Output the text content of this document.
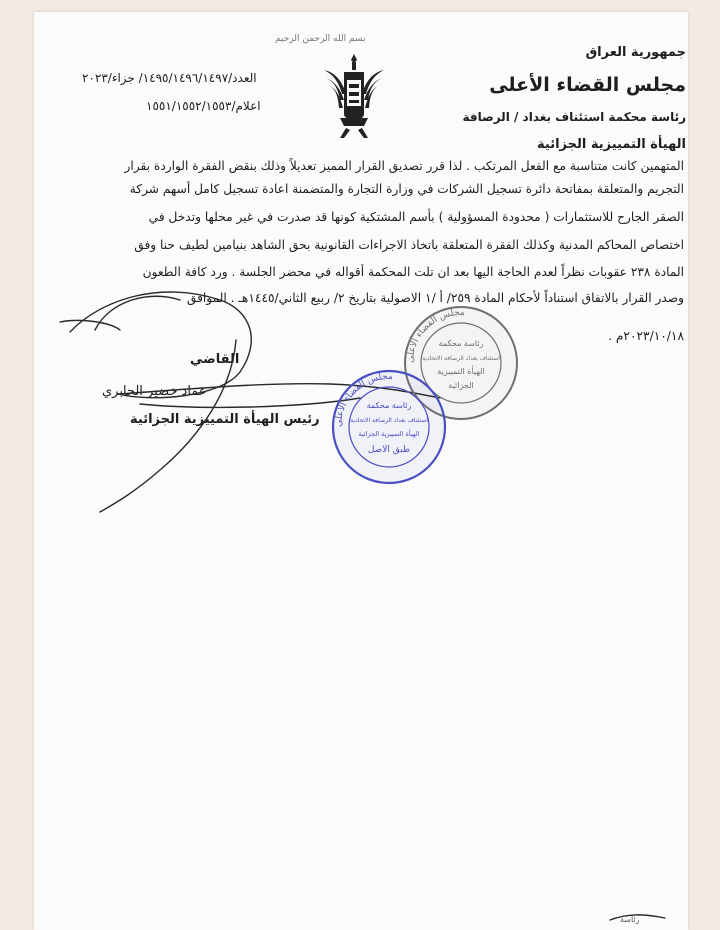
بسم الله الرحمن الرحيم
جمهورية العراق
مجلس القضاء الأعلى
رئاسة محكمة استئناف بغداد / الرصافة
الهيأة التمييزية الجزائية
العدد/١٤٩٥/١٤٩٦/١٤٩٧/ جزاء/٢٠٢٣
اعلام/١٥٥١/١٥٥٢/١٥٥٣
المتهمين كانت متناسبة مع الفعل المرتكب . لذا قرر تصديق القرار المميز تعديلاً وذلك بنقض الفقرة الواردة بقرار
التجريم والمتعلقة بمفاتحة دائرة تسجيل الشركات في وزارة التجارة والمتضمنة اعادة تسجيل كامل أسهم شركة
الصقر الجارح للاستثمارات ( محدودة المسؤولية ) بأسم المشتكية كونها قد صدرت في غير محلها وتدخل في
اختصاص المحاكم المدنية وكذلك الفقرة المتعلقة باتخاذ الاجراءات القانونية بحق الشاهد بنيامين لطيف حنا وفق
المادة ٢٣٨ عقوبات نظراً لعدم الحاجة اليها بعد ان تلت المحكمة أقواله في محضر الجلسة . ورد كافة الطعون
وصدر القرار بالاتفاق استناداً لأحكام المادة ٢٥٩/ أ /١ الاصولية بتاريخ ٢/ ربيع الثاني/١٤٤٥هـ . الموافق
٢٠٢٣/١٠/١٨م .
القاضي
عماد خضير الجابري
رئيس الهيأة التمييزية الجزائية
مجلس القضاء الأعلى
رئاسة محكمة
استئناف بغداد الرصافة الاتحادية
الهيأة التمييزية
الجزائية
مجلس القضاء الأعلى
رئاسة محكمة
استئناف بغداد الرصافة الاتحادية
الهيأة التمييزية الجزائية
طبق الاصل
رئاسة
